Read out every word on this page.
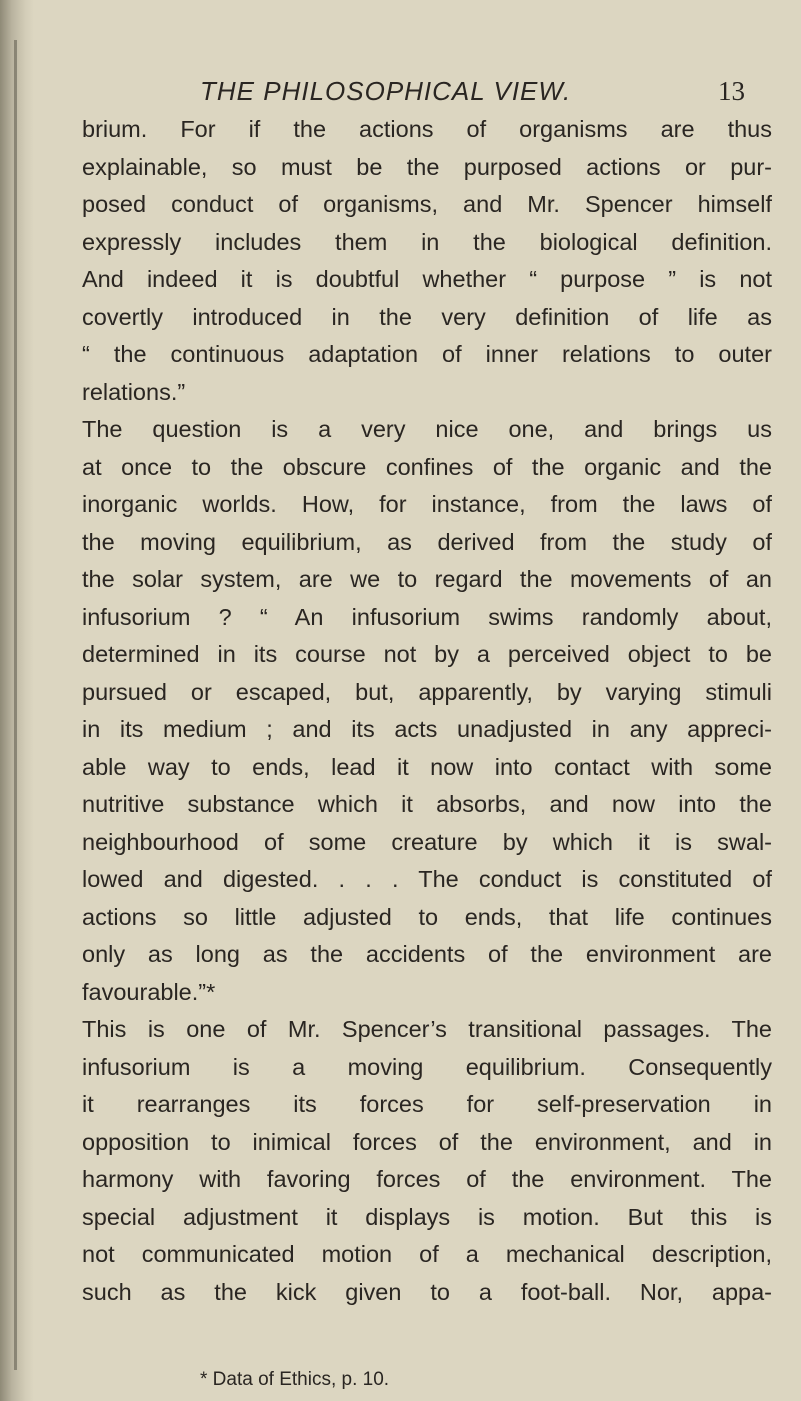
THE PHILOSOPHICAL VIEW.	13
brium. For if the actions of organisms are thus
explainable, so must be the purposed actions or pur-
posed conduct of organisms, and Mr. Spencer himself
expressly includes them in the biological definition.
And indeed it is doubtful whether “ purpose ” is not
covertly introduced in the very definition of life as
“ the continuous adaptation of inner relations to outer
relations.”
The question is a very nice one, and brings us
at once to the obscure confines of the organic and the
inorganic worlds. How, for instance, from the laws of
the moving equilibrium, as derived from the study of
the solar system, are we to regard the movements of an
infusorium ? “ An infusorium swims randomly about,
determined in its course not by a perceived object to be
pursued or escaped, but, apparently, by varying stimuli
in its medium ; and its acts unadjusted in any appreci-
able way to ends, lead it now into contact with some
nutritive substance which it absorbs, and now into the
neighbourhood of some creature by which it is swal-
lowed and digested. . . . The conduct is constituted of
actions so little adjusted to ends, that life continues
only as long as the accidents of the environment are
favourable.”*
This is one of Mr. Spencer’s transitional passages. The
infusorium is a moving equilibrium. Consequently
it rearranges its forces for self-preservation in
opposition to inimical forces of the environment, and in
harmony with favoring forces of the environment. The
special adjustment it displays is motion. But this is
not communicated motion of a mechanical description,
such as the kick given to a foot-ball. Nor, appa-
* Data of Ethics, p. 10.
